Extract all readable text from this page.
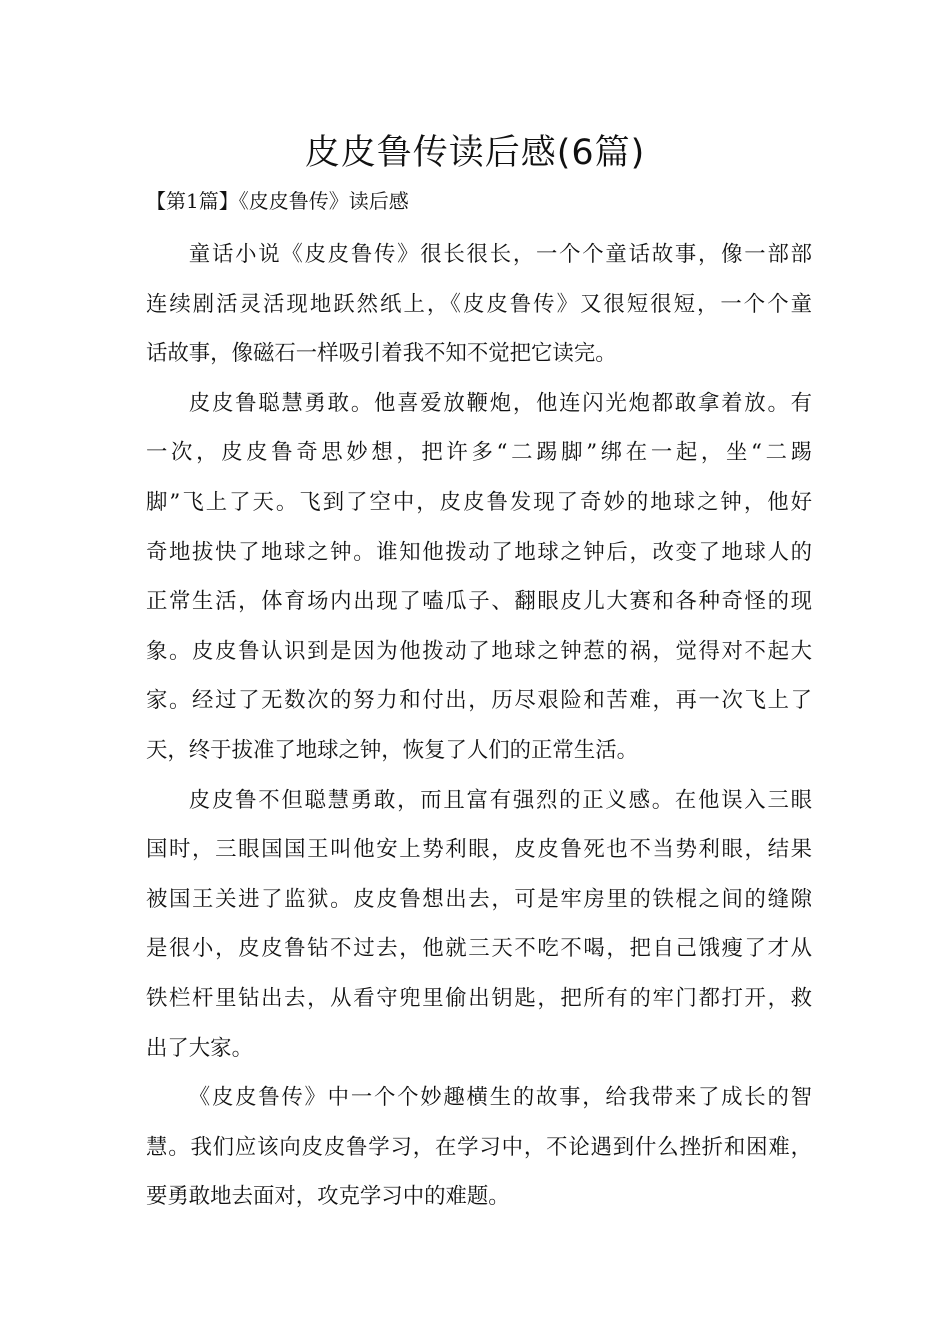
皮皮鲁传读后感(6篇)
【第1篇】《皮皮鲁传》读后感

童话小说《皮皮鲁传》很长很长，一个个童话故事，像一部部
连续剧活灵活现地跃然纸上，《皮皮鲁传》又很短很短，一个个童
话故事，像磁石一样吸引着我不知不觉把它读完。

皮皮鲁聪慧勇敢。他喜爱放鞭炮，他连闪光炮都敢拿着放。有
一次，皮皮鲁奇思妙想，把许多“二踢脚”绑在一起，坐“二踢
脚”飞上了天。飞到了空中，皮皮鲁发现了奇妙的地球之钟，他好
奇地拔快了地球之钟。谁知他拨动了地球之钟后，改变了地球人的
正常生活，体育场内出现了嗑瓜子、翻眼皮儿大赛和各种奇怪的现
象。皮皮鲁认识到是因为他拨动了地球之钟惹的祸，觉得对不起大
家。经过了无数次的努力和付出，历尽艰险和苦难，再一次飞上了
天，终于拔准了地球之钟，恢复了人们的正常生活。

皮皮鲁不但聪慧勇敢，而且富有强烈的正义感。在他误入三眼
国时，三眼国国王叫他安上势利眼，皮皮鲁死也不当势利眼，结果
被国王关进了监狱。皮皮鲁想出去，可是牢房里的铁棍之间的缝隙
是很小，皮皮鲁钻不过去，他就三天不吃不喝，把自己饿瘦了才从
铁栏杆里钻出去，从看守兜里偷出钥匙，把所有的牢门都打开，救
出了大家。

《皮皮鲁传》中一个个妙趣横生的故事，给我带来了成长的智
慧。我们应该向皮皮鲁学习，在学习中，不论遇到什么挫折和困难，
要勇敢地去面对，攻克学习中的难题。
